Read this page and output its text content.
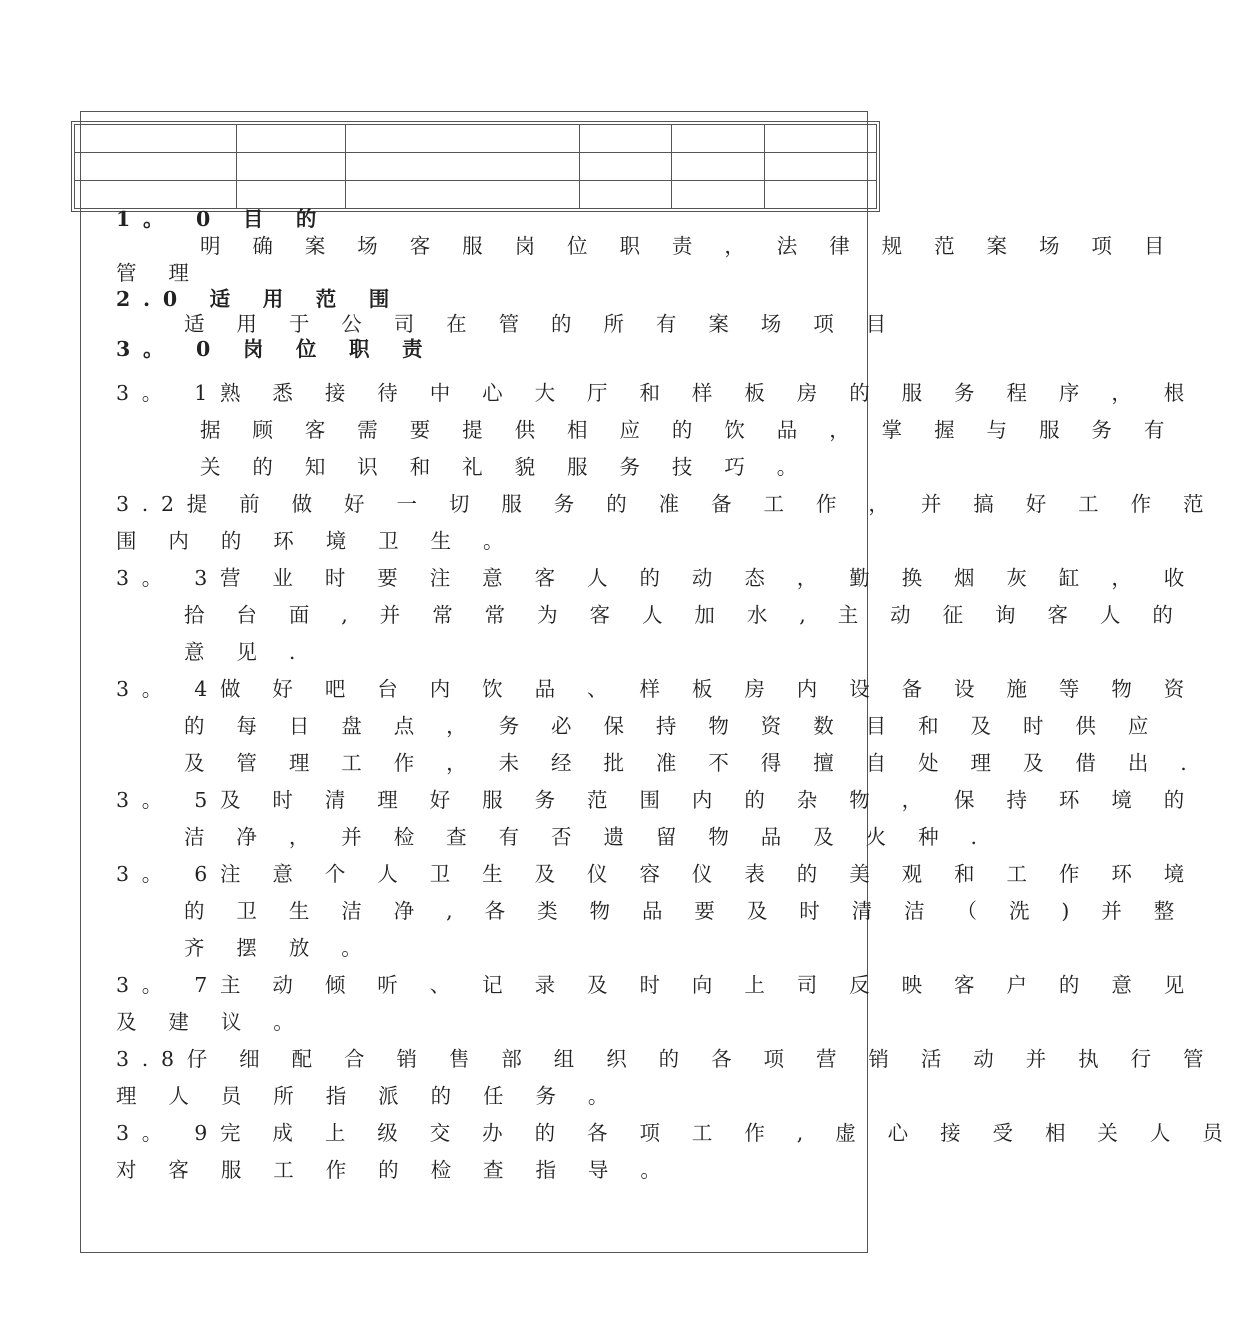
1。 0 目 的
明 确 案 场 客 服 岗 位 职 责 ， 法 律 规 范 案 场 项 目
管 理
2.0 适 用 范 围
适 用 于 公 司 在 管 的 所 有 案 场 项 目
3。 0 岗 位 职 责
3。 1熟 悉 接 待 中 心 大 厅 和 样 板 房 的 服 务 程 序 ， 根
据 顾 客 需 要 提 供 相 应 的 饮 品 ， 掌 握 与 服 务 有
关 的 知 识 和 礼 貌 服 务 技 巧 。
3.2提 前 做 好 一 切 服 务 的 准 备 工 作 ， 并 搞 好 工 作 范
围 内 的 环 境 卫 生 。
3。 3营 业 时 要 注 意 客 人 的 动 态 ， 勤 换 烟 灰 缸 ， 收
拾 台 面 , 并 常 常 为 客 人 加 水 , 主 动 征 询 客 人 的
意 见 .
3。 4做 好 吧 台 内 饮 品 、 样 板 房 内 设 备 设 施 等 物 资
的 每 日 盘 点 ， 务 必 保 持 物 资 数 目 和 及 时 供 应
及 管 理 工 作 ， 未 经 批 准 不 得 擅 自 处 理 及 借 出 .
3。 5及 时 清 理 好 服 务 范 围 内 的 杂 物 ， 保 持 环 境 的
洁 净 ， 并 检 查 有 否 遗 留 物 品 及 火 种 .
3。 6注 意 个 人 卫 生 及 仪 容 仪 表 的 美 观 和 工 作 环 境
的 卫 生 洁 净 , 各 类 物 品 要 及 时 清 洁 （ 洗 ) 并 整
齐 摆 放 。
3。 7主 动 倾 听 、 记 录 及 时 向 上 司 反 映 客 户 的 意 见
及 建 议 。
3.8仔 细 配 合 销 售 部 组 织 的 各 项 营 销 活 动 并 执 行 管
理 人 员 所 指 派 的 任 务 。
3。 9完 成 上 级 交 办 的 各 项 工 作 , 虚 心 接 受 相 关 人 员
对 客 服 工 作 的 检 查 指 导 。
